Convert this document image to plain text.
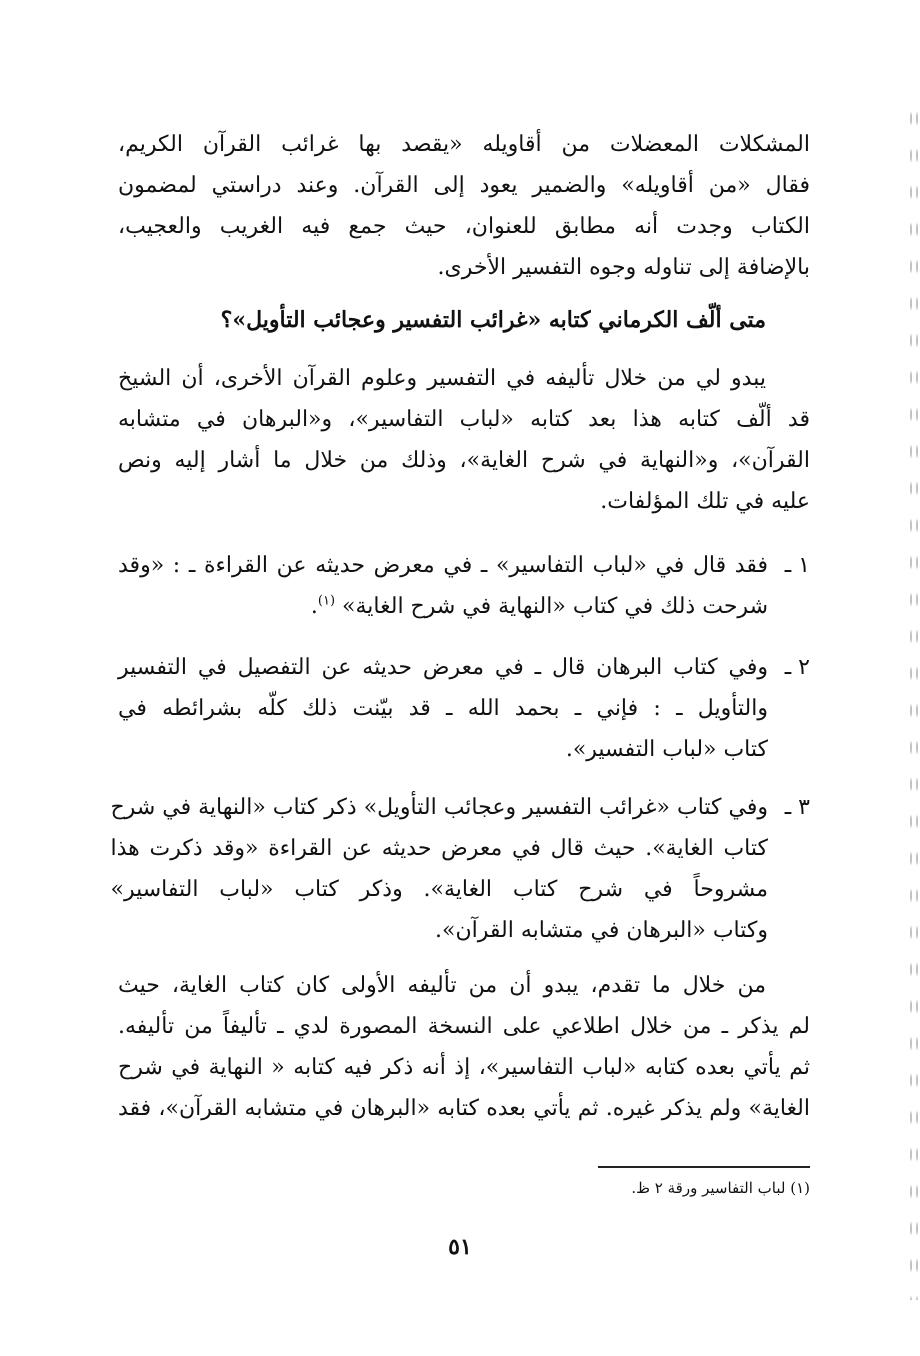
المشكلات المعضلات من أقاويله «يقصد بها غرائب القرآن الكريم،
فقال «من أقاويله» والضمير يعود إلى القرآن. وعند دراستي لمضمون
الكتاب وجدت أنه مطابق للعنوان، حيث جمع فيه الغريب والعجيب،
بالإضافة إلى تناوله وجوه التفسير الأخرى.
متى ألّف الكرماني كتابه «غرائب التفسير وعجائب التأويل»؟
يبدو لي من خلال تأليفه في التفسير وعلوم القرآن الأخرى، أن الشيخ
قد ألّف كتابه هذا بعد كتابه «لباب التفاسير»، و«البرهان في متشابه
القرآن»، و«النهاية في شرح الغاية»، وذلك من خلال ما أشار إليه ونص
عليه في تلك المؤلفات.
١ ـ
فقد قال في «لباب التفاسير» ـ في معرض حديثه عن القراءة ـ : «وقد
شرحت ذلك في كتاب «النهاية في شرح الغاية» $^{(١)}$.
٢ ـ
وفي كتاب البرهان قال ـ في معرض حديثه عن التفصيل في التفسير
والتأويل ـ : فإني ـ بحمد الله ـ قد بيّنت ذلك كلّه بشرائطه في
كتاب «لباب التفسير».
٣ ـ
وفي كتاب «غرائب التفسير وعجائب التأويل» ذكر كتاب «النهاية في شرح
كتاب الغاية». حيث قال في معرض حديثه عن القراءة «وقد ذكرت هذا
مشروحاً في شرح كتاب الغاية». وذكر كتاب «لباب التفاسير»
وكتاب «البرهان في متشابه القرآن».
من خلال ما تقدم، يبدو أن من تأليفه الأولى كان كتاب الغاية، حيث
لم يذكر ـ من خلال اطلاعي على النسخة المصورة لدي ـ تأليفاً من تأليفه.
ثم يأتي بعده كتابه «لباب التفاسير»، إذ أنه ذكر فيه كتابه « النهاية في شرح
الغاية» ولم يذكر غيره. ثم يأتي بعده كتابه «البرهان في متشابه القرآن»، فقد
(١) لباب التفاسير ورقة ٢ ظ.
٥١
